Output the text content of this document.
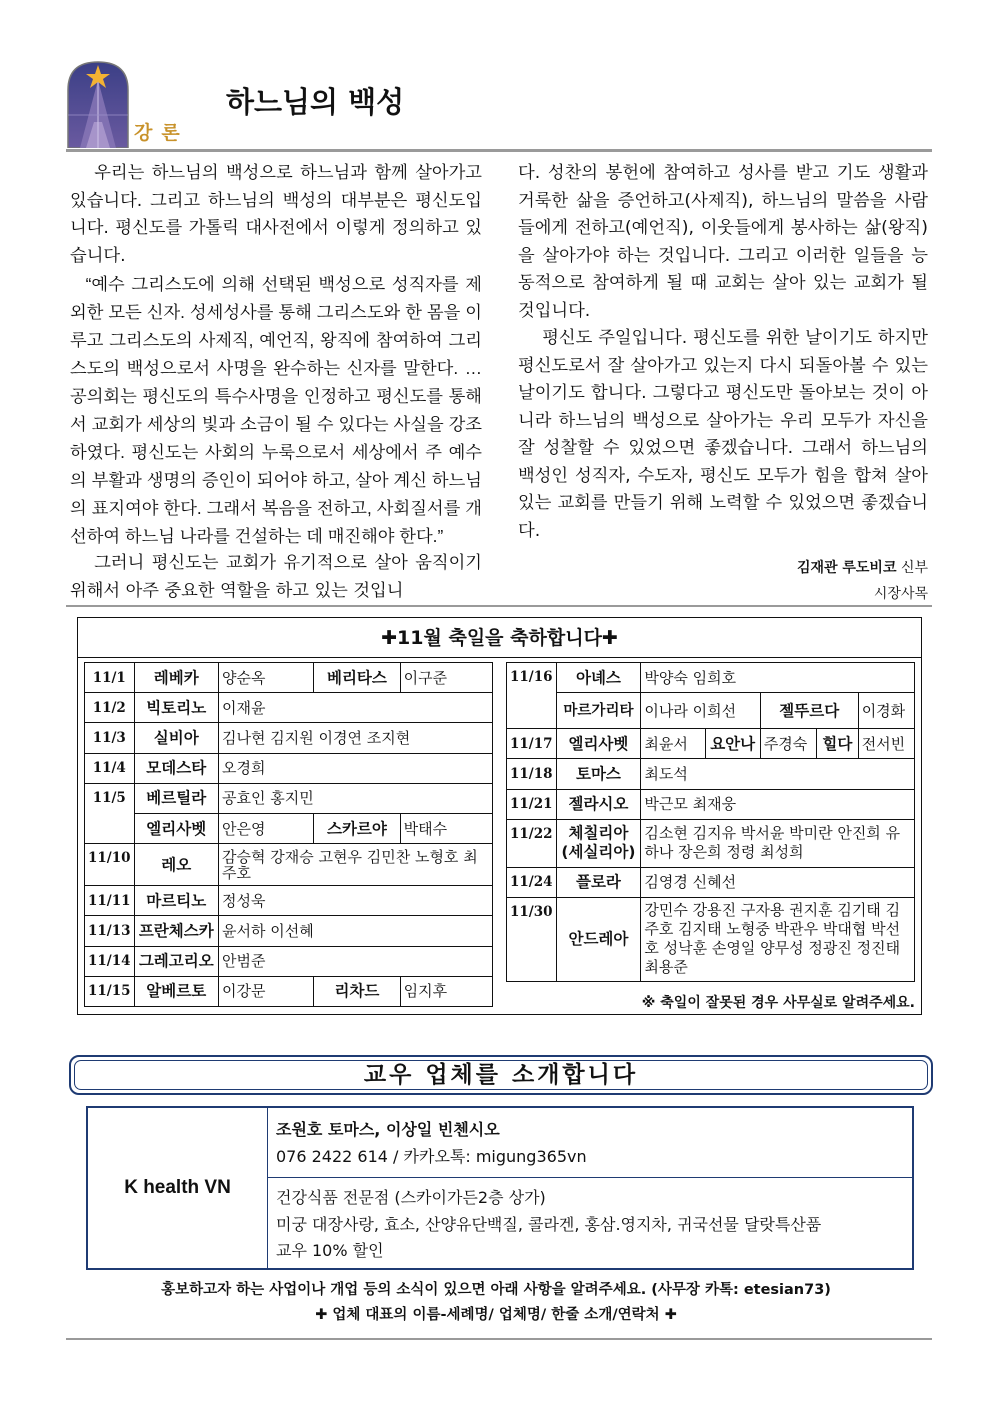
강론
하느님의 백성

우리는 하느님의 백성으로 하느님과 함께 살아가고 있습니다. 그리고 하느님의 백성의 대부분은 평신도입니다. 평신도를 가톨릭 대사전에서 이렇게 정의하고 있습니다.

“예수 그리스도에 의해 선택된 백성으로 성직자를 제외한 모든 신자. 성세성사를 통해 그리스도와 한 몸을 이루고 그리스도의 사제직, 예언직, 왕직에 참여하여 그리스도의 백성으로서 사명을 완수하는 신자를 말한다. … 공의회는 평신도의 특수사명을 인정하고 평신도를 통해서 교회가 세상의 빛과 소금이 될 수 있다는 사실을 강조하였다. 평신도는 사회의 누룩으로서 세상에서 주 예수의 부활과 생명의 증인이 되어야 하고, 살아 계신 하느님의 표지여야 한다. 그래서 복음을 전하고, 사회질서를 개선하여 하느님 나라를 건설하는 데 매진해야 한다.”

그러니 평신도는 교회가 유기적으로 살아 움직이기 위해서 아주 중요한 역할을 하고 있는 것입니

다. 성찬의 봉헌에 참여하고 성사를 받고 기도 생활과 거룩한 삶을 증언하고(사제직), 하느님의 말씀을 사람들에게 전하고(예언직), 이웃들에게 봉사하는 삶(왕직)을 살아가야 하는 것입니다. 그리고 이러한 일들을 능동적으로 참여하게 될 때 교회는 살아 있는 교회가 될 것입니다.

평신도 주일입니다. 평신도를 위한 날이기도 하지만 평신도로서 잘 살아가고 있는지 다시 되돌아볼 수 있는 날이기도 합니다. 그렇다고 평신도만 돌아보는 것이 아니라 하느님의 백성으로 살아가는 우리 모두가 자신을 잘 성찰할 수 있었으면 좋겠습니다. 그래서 하느님의 백성인 성직자, 수도자, 평신도 모두가 힘을 합쳐 살아 있는 교회를 만들기 위해 노력할 수 있었으면 좋겠습니다.

김재관 루도비코 신부
시장사목
✚11월 축일을 축하합니다✚
11/1	레베카	양순옥	베리타스	이구준
11/2	빅토리노	이재윤		
11/3	실비아	김나현 김지원 이경연 조지현		
11/4	모데스타	오경희		
11/5	베르틸라	공효인 홍지민		
	엘리사벳	안은영	스카르야	박태수
11/10	레오	감승혁 강재승 고현우 김민찬 노형호 최주호		
11/11	마르티노	정성욱		
11/13	프란체스카	윤서하 이선혜		
11/14	그레고리오	안범준		
11/15	알베르토	이강문	리차드	임지후
11/16	아녜스	박양숙 임희호				
	마르가리타	이나라 이희선		젤뚜르다		이경화
11/17	엘리사벳	최윤서	요안나	주경숙	힐다	전서빈
11/18	토마스	최도석				
11/21	젤라시오	박근모 최재웅				
11/22	체칠리아 (세실리아)	김소현 김지유 박서윤 박미란 안진희 유하나 장은희 정령 최성희				
11/24	플로라	김영경 신혜선				
11/30	안드레아	강민수 강용진 구자용 권지훈 김기태 김주호 김지태 노형중 박관우 박대협 박선호 성낙훈 손영일 양무성 정광진 정진태 최용준				
※ 축일이 잘못된 경우 사무실로 알려주세요.
교우 업체를 소개합니다
K health VN
조원호 토마스, 이상일 빈첸시오
076 2422 614 / 카카오톡: migung365vn
건강식품 전문점 (스카이가든2층 상가)
미궁 대장사랑, 효소, 산양유단백질, 콜라겐, 홍삼.영지차, 귀국선물 달랏특산품
교우 10% 할인
홍보하고자 하는 사업이나 개업 등의 소식이 있으면 아래 사항을 알려주세요. (사무장 카톡: etesian73)
✚ 업체 대표의 이름-세례명/ 업체명/ 한줄 소개/연락처 ✚
